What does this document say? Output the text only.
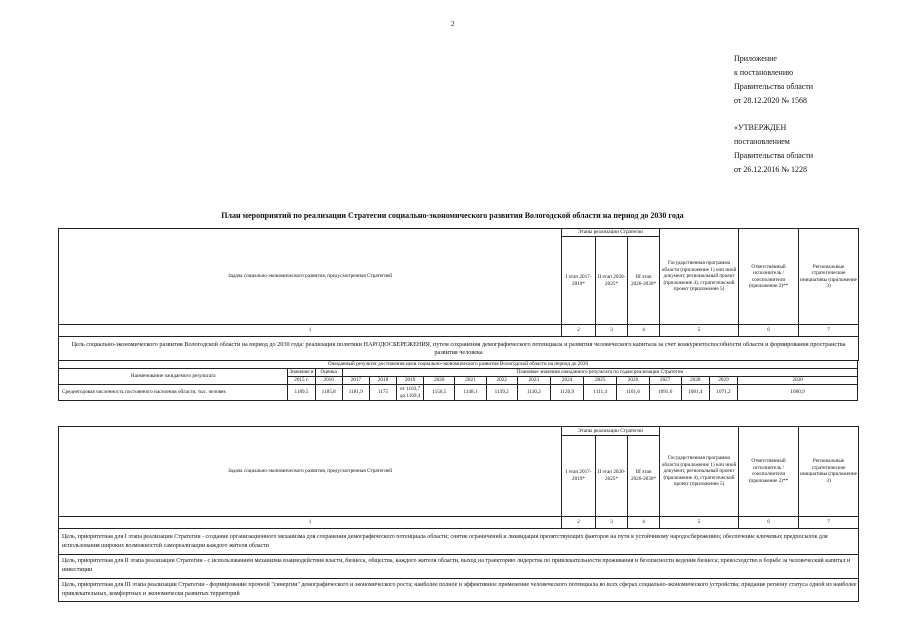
2
Приложение
к постановлению
Правительства области
от 28.12.2020 № 1568
«УТВЕРЖДЕН
постановлением
Правительства области
от 26.12.2016 № 1228
План мероприятий по реализации Стратегии социально-экономического развития Вологодской области на период до 2030 года
Задача социально-экономического развития, предусмотренная Стратегией	Этапы реализации Стратегии			Государственная программа области (приложение 1) или иной документ, региональный проект (приложение 4), стратегический проект (приложение 5)	Ответственный исполнитель / соисполнители (приложение 2)**	Региональные стратегические инициативы (приложение 3)
	I этап 2017-2019*	II этап 2020-2025*	III этап 2026-2030*			
1	2	3	4	5	6	7
Цель социально-экономического развития Вологодской области на период до 2030 года: реализация политики НАРОДОСБЕРЕЖЕНИЯ, путем сохранения демографического потенциала и развития человеческого капитала за счет конкурентоспособности области и формирования пространства развития человека						
Ожидаемый результат достижения цели социально-экономического развития Вологодской области на период до 2030																
Наименование ожидаемого результата	Значение в	Оценка	Плановые значения ожидаемого результата по годам реализации Стратегии													
	2015 г.	2016	2017	2018	2019	2020	2021	2022	2023	2024	2025	2026	2027	2028	2029	2030
Среднегодовая численность постоянного населения области, тыс. человек	1189,5	1185,8	1181,9	1175	от 1163,7 до 1169,4	1156,5	1148,1	1139,2	1130,2	1120,9	1111,4	1101,6	1091,6	1081,4	1071,2	1060,9

Задача социально-экономического развития, предусмотренная Стратегией	Этапы реализации Стратегии			Государственная программа области (приложение 1) или иной документ, региональный проект (приложение 4), стратегический проект (приложение 5)	Ответственный исполнитель / соисполнители (приложение 2)**	Региональные стратегические инициативы (приложение 3)
	I этап 2017-2019*	II этап 2020-2025*	III этап 2026-2030*			
1	2	3	4	5	6	7
Цель, приоритетная для I этапа реализации Стратегии - создание организационного механизма для сохранения демографического потенциала области; снятие ограничений и ликвидация препятствующих факторов на пути к устойчивому народосбережению; обеспечение ключевых предпосылок для использования широких возможностей самореализации каждого жителя области						
Цель, приоритетная для II этапа реализации Стратегии - с использованием механизма взаимодействия власти, бизнеса, общества, каждого жителя области, выход на траекторию лидерства по привлекательности проживания и безопасности ведения бизнеса; превосходство в борьбе за человеческий капитал и инвестиции						
Цель, приоритетная для III этапа реализации Стратегии - формирование прочной "синергии" демографического и экономического роста; наиболее полное и эффективное применение человеческого потенциала во всех сферах социально-экономического устройства; придание региону статуса одной из наиболее привлекательных, комфортных и экономически развитых территорий						
